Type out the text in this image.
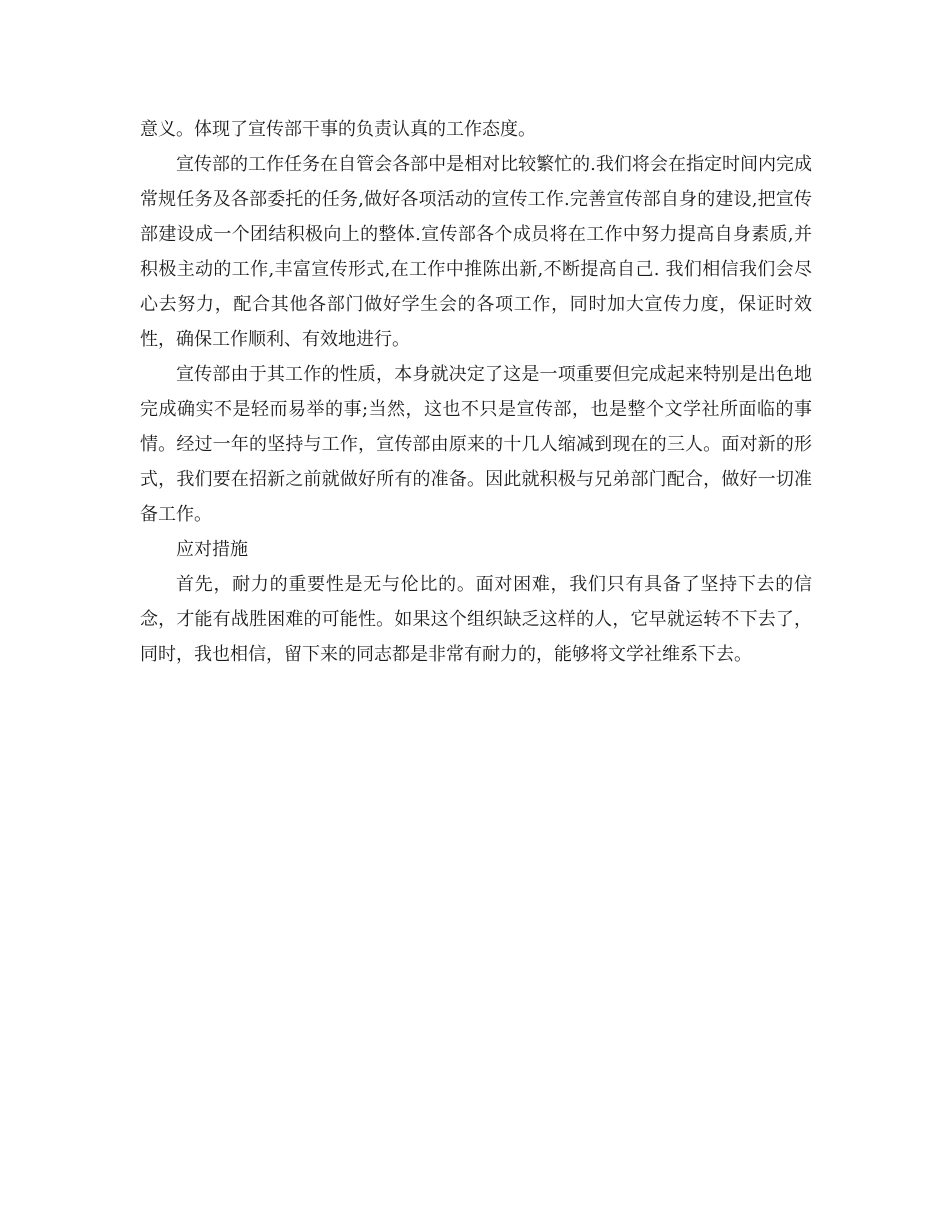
意义。体现了宣传部干事的负责认真的工作态度。

宣传部的工作任务在自管会各部中是相对比较繁忙的.我们将会在指定时间内完成常规任务及各部委托的任务,做好各项活动的宣传工作.完善宣传部自身的建设,把宣传部建设成一个团结积极向上的整体.宣传部各个成员将在工作中努力提高自身素质,并积极主动的工作,丰富宣传形式,在工作中推陈出新,不断提高自己. 我们相信我们会尽心去努力，配合其他各部门做好学生会的各项工作，同时加大宣传力度，保证时效性，确保工作顺利、有效地进行。

宣传部由于其工作的性质，本身就决定了这是一项重要但完成起来特别是出色地完成确实不是轻而易举的事;当然，这也不只是宣传部，也是整个文学社所面临的事情。经过一年的坚持与工作，宣传部由原来的十几人缩减到现在的三人。面对新的形式，我们要在招新之前就做好所有的准备。因此就积极与兄弟部门配合，做好一切准备工作。

应对措施

首先，耐力的重要性是无与伦比的。面对困难，我们只有具备了坚持下去的信念，才能有战胜困难的可能性。如果这个组织缺乏这样的人，它早就运转不下去了，同时，我也相信，留下来的同志都是非常有耐力的，能够将文学社维系下去。
